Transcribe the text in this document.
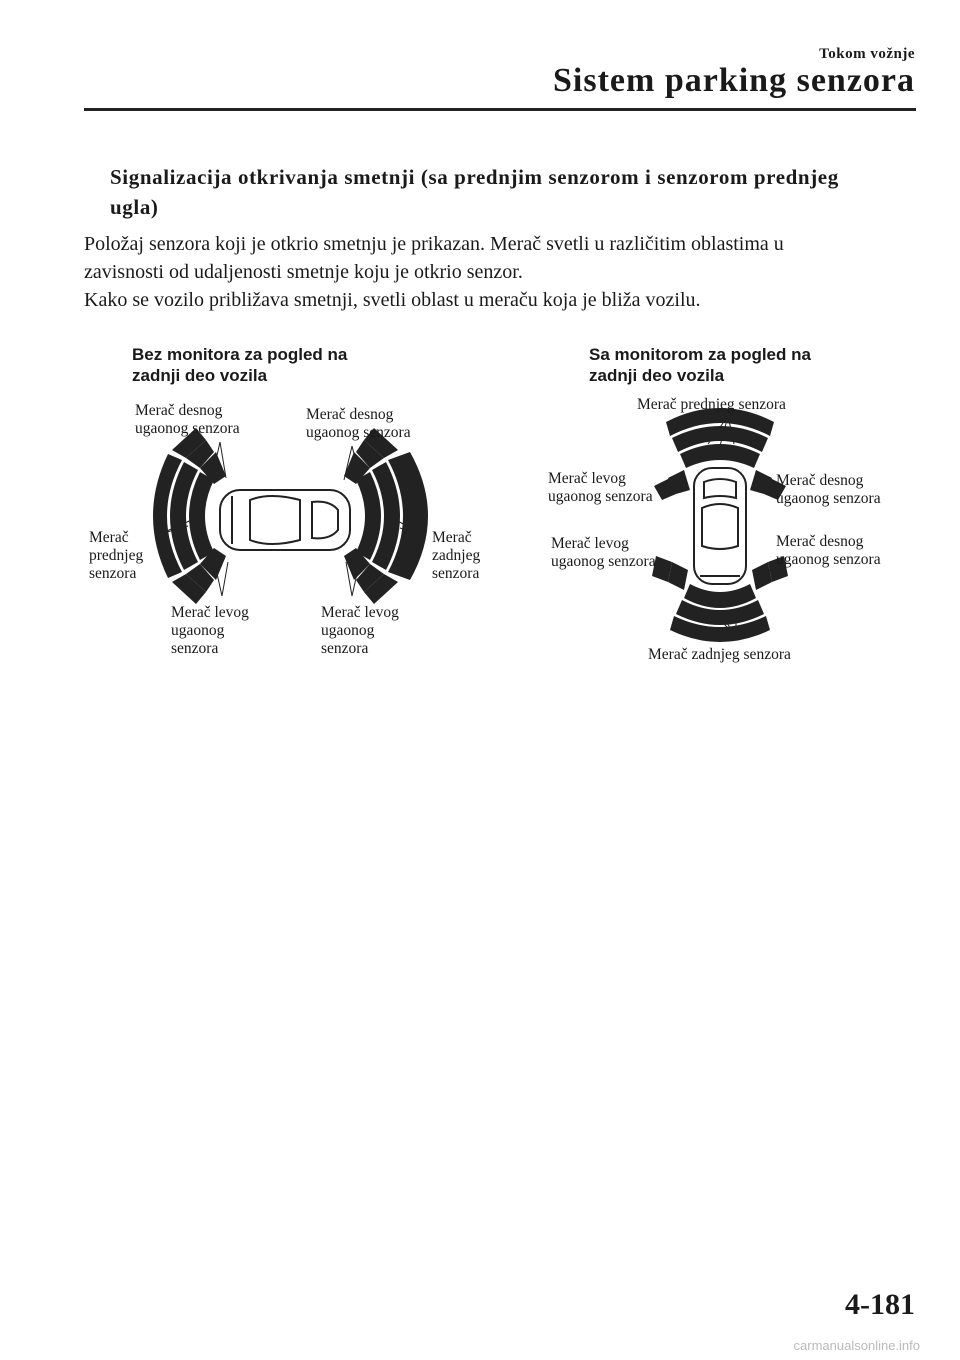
Tokom vožnje
Sistem parking senzora
Signalizacija otkrivanja smetnji (sa prednjim senzorom i senzorom prednjeg
ugla)
Položaj senzora koji je otkrio smetnju je prikazan. Merač svetli u različitim oblastima u
zavisnosti od udaljenosti smetnje koju je otkrio senzor.
Kako se vozilo približava smetnji, svetli oblast u meraču koja je bliža vozilu.
Bez monitora za pogled na
zadnji deo vozila
Merač desnog
ugaonog senzora
Merač desnog
ugaonog senzora
Merač
prednjeg
senzora
Merač
zadnjeg
senzora
Merač levog
ugaonog
senzora
Merač levog
ugaonog
senzora
Sa monitorom za pogled na
zadnji deo vozila
Merač prednjeg senzora
Merač levog
ugaonog senzora
Merač desnog
ugaonog senzora
Merač levog
ugaonog senzora
Merač desnog
ugaonog senzora
Merač zadnjeg senzora
4-181
carmanualsonline.info
